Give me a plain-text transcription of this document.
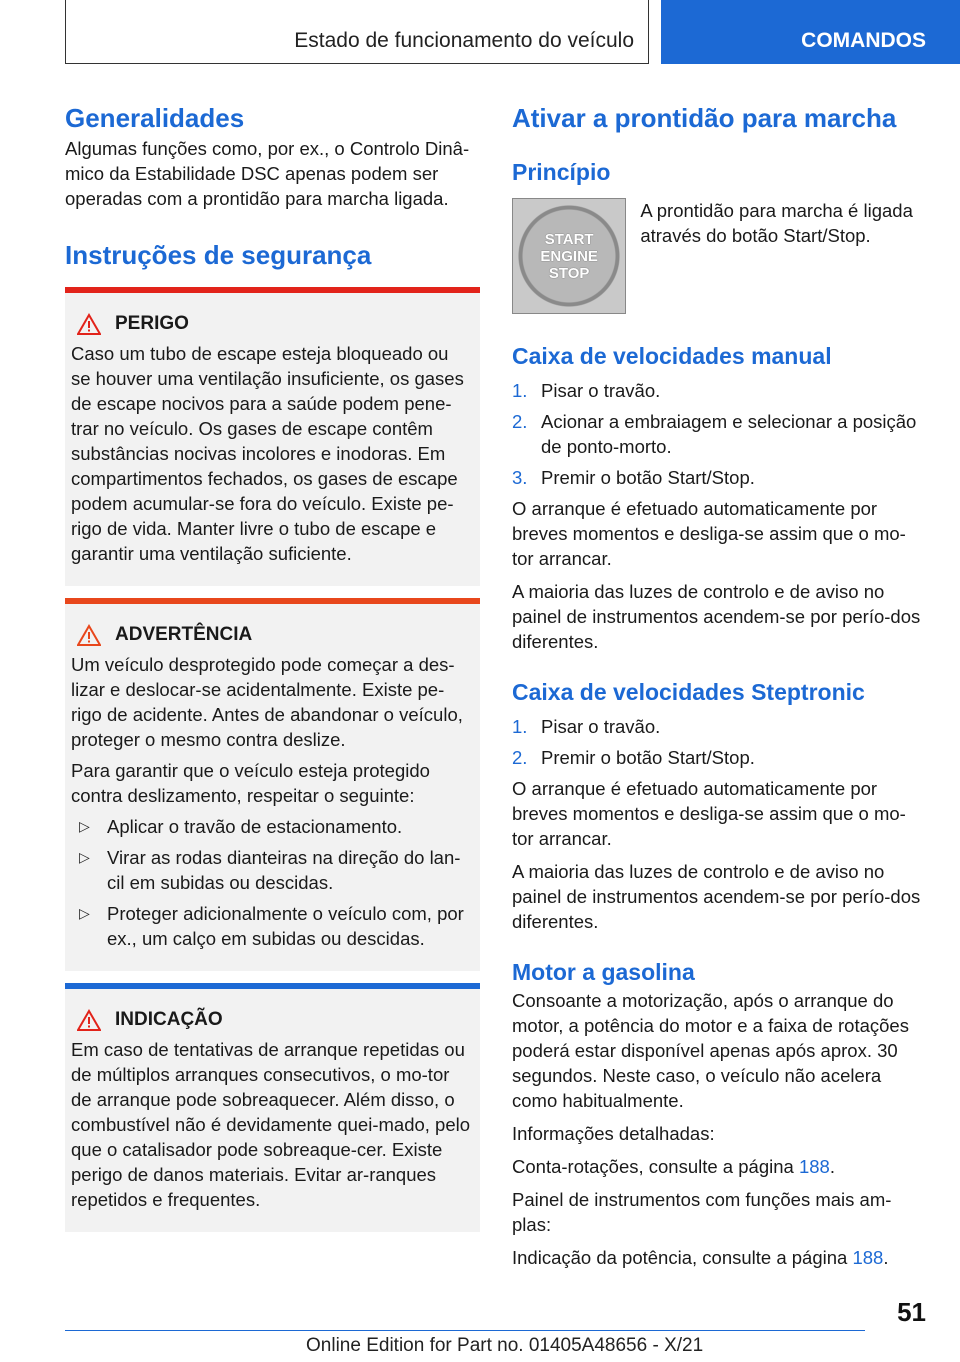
Estado de funcionamento do veículo	COMANDOS
Generalidades

Algumas funções como, por ex., o Controlo Dinâ-mico da Estabilidade DSC apenas podem ser operadas com a prontidão para marcha ligada.

Instruções de segurança
PERIGO

Caso um tubo de escape esteja bloqueado ou se houver uma ventilação insuficiente, os gases de escape nocivos para a saúde podem pene-trar no veículo. Os gases de escape contêm substâncias nocivas incolores e inodoras. Em compartimentos fechados, os gases de escape podem acumular-se fora do veículo. Existe pe-rigo de vida. Manter livre o tubo de escape e garantir uma ventilação suficiente.

ADVERTÊNCIA

Um veículo desprotegido pode começar a des-lizar e deslocar-se acidentalmente. Existe pe-rigo de acidente. Antes de abandonar o veículo, proteger o mesmo contra deslize.

Para garantir que o veículo esteja protegido contra deslizamento, respeitar o seguinte:

▷ Aplicar o travão de estacionamento.
▷ Virar as rodas dianteiras na direção do lan-cil em subidas ou descidas.
▷ Proteger adicionalmente o veículo com, por ex., um calço em subidas ou descidas.
INDICAÇÃO

Em caso de tentativas de arranque repetidas ou de múltiplos arranques consecutivos, o mo-tor de arranque pode sobreaquecer. Além disso, o combustível não é devidamente quei-mado, pelo que o catalisador pode sobreaque-cer. Existe perigo de danos materiais. Evitar ar-ranques repetidos e frequentes.

Ativar a prontidão para marcha
Princípio
START
ENGINE
STOP

A prontidão para marcha é ligada através do botão Start/Stop.

Caixa de velocidades manual
1. Pisar o travão.
2. Acionar a embraiagem e selecionar a posição de ponto-morto.
3. Premir o botão Start/Stop.

O arranque é efetuado automaticamente por breves momentos e desliga-se assim que o mo-tor arrancar.

A maioria das luzes de controlo e de aviso no painel de instrumentos acendem-se por perío-dos diferentes.

Caixa de velocidades Steptronic
1. Pisar o travão.
2. Premir o botão Start/Stop.

O arranque é efetuado automaticamente por breves momentos e desliga-se assim que o mo-tor arrancar.

A maioria das luzes de controlo e de aviso no painel de instrumentos acendem-se por perío-dos diferentes.

Motor a gasolina

Consoante a motorização, após o arranque do motor, a potência do motor e a faixa de rotações poderá estar disponível apenas após aprox. 30 segundos. Neste caso, o veículo não acelera como habitualmente.

Informações detalhadas:

Conta-rotações, consulte a página 188.

Painel de instrumentos com funções mais am-plas:

Indicação da potência, consulte a página 188.

51
Online Edition for Part no. 01405A48656 - X/21
